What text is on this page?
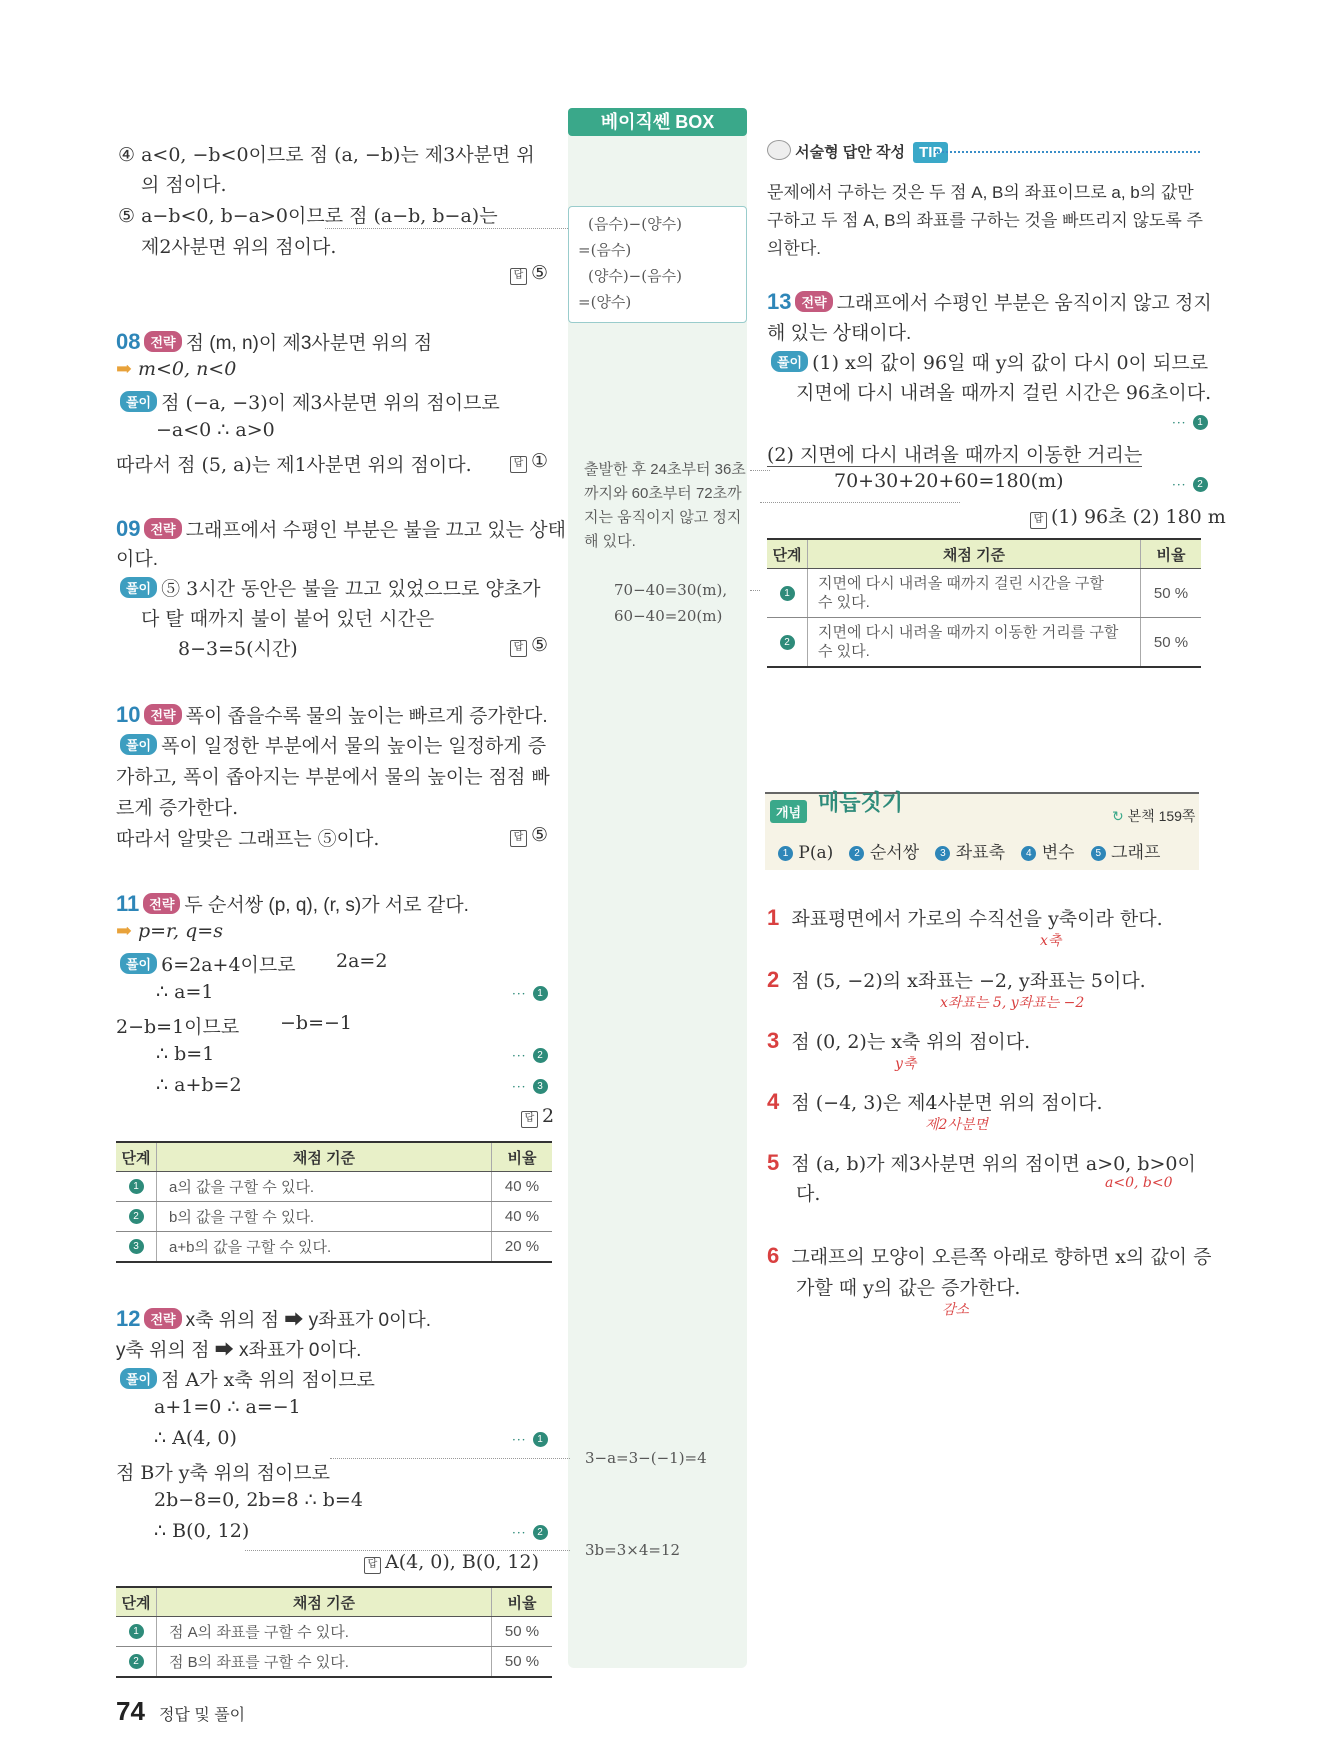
베이직쎈 BOX
(음수)−(양수)
=(음수)
(양수)−(음수)
=(양수)
출발한 후 24초부터 36초
까지와 60초부터 72초까
지는 움직이지 않고 정지
해 있다.
70−40=30(m),
60−40=20(m)
3−a=3−(−1)=4
3b=3×4=12
④ a<0, −b<0이므로 점 (a, −b)는 제3사분면 위
의 점이다.
⑤ a−b<0, b−a>0이므로 점 (a−b, b−a)는
제2사분면 위의 점이다.
답 ⑤
08 전략 점 (m, n)이 제3사분면 위의 점
➡ m<0, n<0
풀이 점 (−a, −3)이 제3사분면 위의 점이므로
−a<0 ∴ a>0
따라서 점 (5, a)는 제1사분면 위의 점이다.	답 ①
09 전략 그래프에서 수평인 부분은 불을 끄고 있는 상태
이다.
풀이 ⑤ 3시간 동안은 불을 끄고 있었으므로 양초가
다 탈 때까지 불이 붙어 있던 시간은
8−3=5(시간)	답 ⑤
10 전략 폭이 좁을수록 물의 높이는 빠르게 증가한다.
풀이 폭이 일정한 부분에서 물의 높이는 일정하게 증
가하고, 폭이 좁아지는 부분에서 물의 높이는 점점 빠
르게 증가한다.
따라서 알맞은 그래프는 ⑤이다.	답 ⑤
11 전략 두 순서쌍 (p, q), (r, s)가 서로 같다.
➡ p=r, q=s
풀이 6=2a+4이므로 2a=2
∴ a=1	··· 1
2−b=1이므로 −b=−1
∴ b=1	··· 2
∴ a+b=2	··· 3
답 2
단계	채점 기준	비율
1	a의 값을 구할 수 있다.	40 %
2	b의 값을 구할 수 있다.	40 %
3	a+b의 값을 구할 수 있다.	20 %
12 전략 x축 위의 점 ➡ y좌표가 0이다.
y축 위의 점 ➡ x좌표가 0이다.
풀이 점 A가 x축 위의 점이므로
a+1=0 ∴ a=−1
∴ A(4, 0)	··· 1
점 B가 y축 위의 점이므로
2b−8=0, 2b=8 ∴ b=4
∴ B(0, 12)	··· 2
답 A(4, 0), B(0, 12)
단계	채점 기준	비율
1	점 A의 좌표를 구할 수 있다.	50 %
2	점 B의 좌표를 구할 수 있다.	50 %
74 정답 및 풀이
서술형 답안 작성 TIP
문제에서 구하는 것은 두 점 A, B의 좌표이므로 a, b의 값만
구하고 두 점 A, B의 좌표를 구하는 것을 빠뜨리지 않도록 주
의한다.
13 전략 그래프에서 수평인 부분은 움직이지 않고 정지
해 있는 상태이다.
풀이 (1) x의 값이 96일 때 y의 값이 다시 0이 되므로
지면에 다시 내려올 때까지 걸린 시간은 96초이다.
··· 1
(2) 지면에 다시 내려올 때까지 이동한 거리는
70+30+20+60=180(m)	··· 2
답 (1) 96초 (2) 180 m
단계	채점 기준	비율
1	지면에 다시 내려올 때까지 걸린 시간을 구할
수 있다.	50 %
2	지면에 다시 내려올 때까지 이동한 거리를 구할
수 있다.	50 %
개념 매듭짓기
↻ 본책 159쪽
1 P(a) 2 순서쌍 3 좌표축 4 변수 5 그래프
1 좌표평면에서 가로의 수직선을 y축이라 한다.
x축
2 점 (5, −2)의 x좌표는 −2, y좌표는 5이다.
x좌표는 5, y좌표는 −2
3 점 (0, 2)는 x축 위의 점이다.
y축
4 점 (−4, 3)은 제4사분면 위의 점이다.
제2사분면
5 점 (a, b)가 제3사분면 위의 점이면 a>0, b>0이
다.	a<0, b<0
6 그래프의 모양이 오른쪽 아래로 향하면 x의 값이 증
가할 때 y의 값은 증가한다.
감소
